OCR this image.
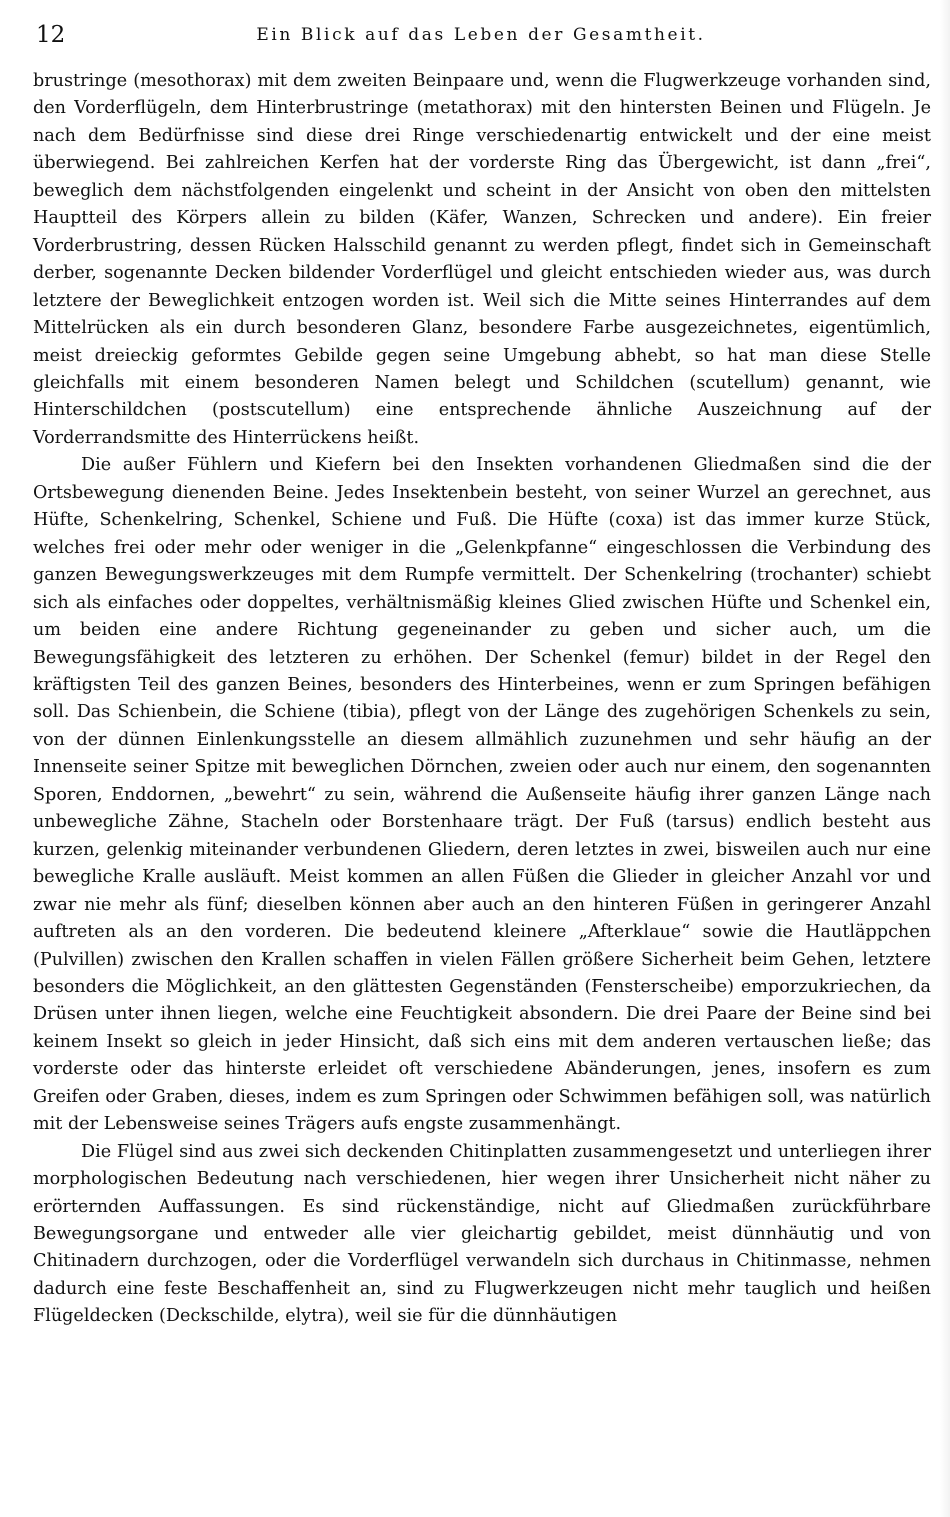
12	Ein Blick auf das Leben der Gesamtheit.

brustringe (mesothorax) mit dem zweiten Beinpaare und, wenn die Flugwerkzeuge vorhanden sind, den Vorderflügeln, dem Hinterbrustringe (metathorax) mit den hintersten Beinen und Flügeln. Je nach dem Bedürfnisse sind diese drei Ringe verschiedenartig entwickelt und der eine meist überwiegend. Bei zahlreichen Kerfen hat der vorderste Ring das Übergewicht, ist dann „frei“, beweglich dem nächstfolgenden eingelenkt und scheint in der Ansicht von oben den mittelsten Hauptteil des Körpers allein zu bilden (Käfer, Wanzen, Schrecken und andere). Ein freier Vorderbrustring, dessen Rücken Halsschild genannt zu werden pflegt, findet sich in Gemeinschaft derber, sogenannte Decken bildender Vorderflügel und gleicht entschieden wieder aus, was durch letztere der Beweglichkeit entzogen worden ist. Weil sich die Mitte seines Hinterrandes auf dem Mittelrücken als ein durch besonderen Glanz, besondere Farbe ausgezeichnetes, eigentümlich, meist dreieckig geformtes Gebilde gegen seine Umgebung abhebt, so hat man diese Stelle gleichfalls mit einem besonderen Namen belegt und Schildchen (scutellum) genannt, wie Hinterschildchen (postscutellum) eine entsprechende ähnliche Auszeichnung auf der Vorderrandsmitte des Hinterrückens heißt.

Die außer Fühlern und Kiefern bei den Insekten vorhandenen Gliedmaßen sind die der Ortsbewegung dienenden Beine. Jedes Insektenbein besteht, von seiner Wurzel an gerechnet, aus Hüfte, Schenkelring, Schenkel, Schiene und Fuß. Die Hüfte (coxa) ist das immer kurze Stück, welches frei oder mehr oder weniger in die „Gelenkpfanne“ eingeschlossen die Verbindung des ganzen Bewegungswerkzeuges mit dem Rumpfe vermittelt. Der Schenkelring (trochanter) schiebt sich als einfaches oder doppeltes, verhältnismäßig kleines Glied zwischen Hüfte und Schenkel ein, um beiden eine andere Richtung gegeneinander zu geben und sicher auch, um die Bewegungsfähigkeit des letzteren zu erhöhen. Der Schenkel (femur) bildet in der Regel den kräftigsten Teil des ganzen Beines, besonders des Hinterbeines, wenn er zum Springen befähigen soll. Das Schienbein, die Schiene (tibia), pflegt von der Länge des zugehörigen Schenkels zu sein, von der dünnen Einlenkungsstelle an diesem allmählich zuzunehmen und sehr häufig an der Innenseite seiner Spitze mit beweglichen Dörnchen, zweien oder auch nur einem, den sogenannten Sporen, Enddornen, „bewehrt“ zu sein, während die Außenseite häufig ihrer ganzen Länge nach unbewegliche Zähne, Stacheln oder Borstenhaare trägt. Der Fuß (tarsus) endlich besteht aus kurzen, gelenkig miteinander verbundenen Gliedern, deren letztes in zwei, bisweilen auch nur eine bewegliche Kralle ausläuft. Meist kommen an allen Füßen die Glieder in gleicher Anzahl vor und zwar nie mehr als fünf; dieselben können aber auch an den hinteren Füßen in geringerer Anzahl auftreten als an den vorderen. Die bedeutend kleinere „Afterklaue“ sowie die Hautläppchen (Pulvillen) zwischen den Krallen schaffen in vielen Fällen größere Sicherheit beim Gehen, letztere besonders die Möglichkeit, an den glättesten Gegenständen (Fensterscheibe) emporzukriechen, da Drüsen unter ihnen liegen, welche eine Feuchtigkeit absondern. Die drei Paare der Beine sind bei keinem Insekt so gleich in jeder Hinsicht, daß sich eins mit dem anderen vertauschen ließe; das vorderste oder das hinterste erleidet oft verschiedene Abänderungen, jenes, insofern es zum Greifen oder Graben, dieses, indem es zum Springen oder Schwimmen befähigen soll, was natürlich mit der Lebensweise seines Trägers aufs engste zusammenhängt.

Die Flügel sind aus zwei sich deckenden Chitinplatten zusammengesetzt und unterliegen ihrer morphologischen Bedeutung nach verschiedenen, hier wegen ihrer Unsicherheit nicht näher zu erörternden Auffassungen. Es sind rückenständige, nicht auf Gliedmaßen zurückführbare Bewegungsorgane und entweder alle vier gleichartig gebildet, meist dünnhäutig und von Chitinadern durchzogen, oder die Vorderflügel verwandeln sich durchaus in Chitinmasse, nehmen dadurch eine feste Beschaffenheit an, sind zu Flugwerkzeugen nicht mehr tauglich und heißen Flügeldecken (Deckschilde, elytra), weil sie für die dünnhäutigen
